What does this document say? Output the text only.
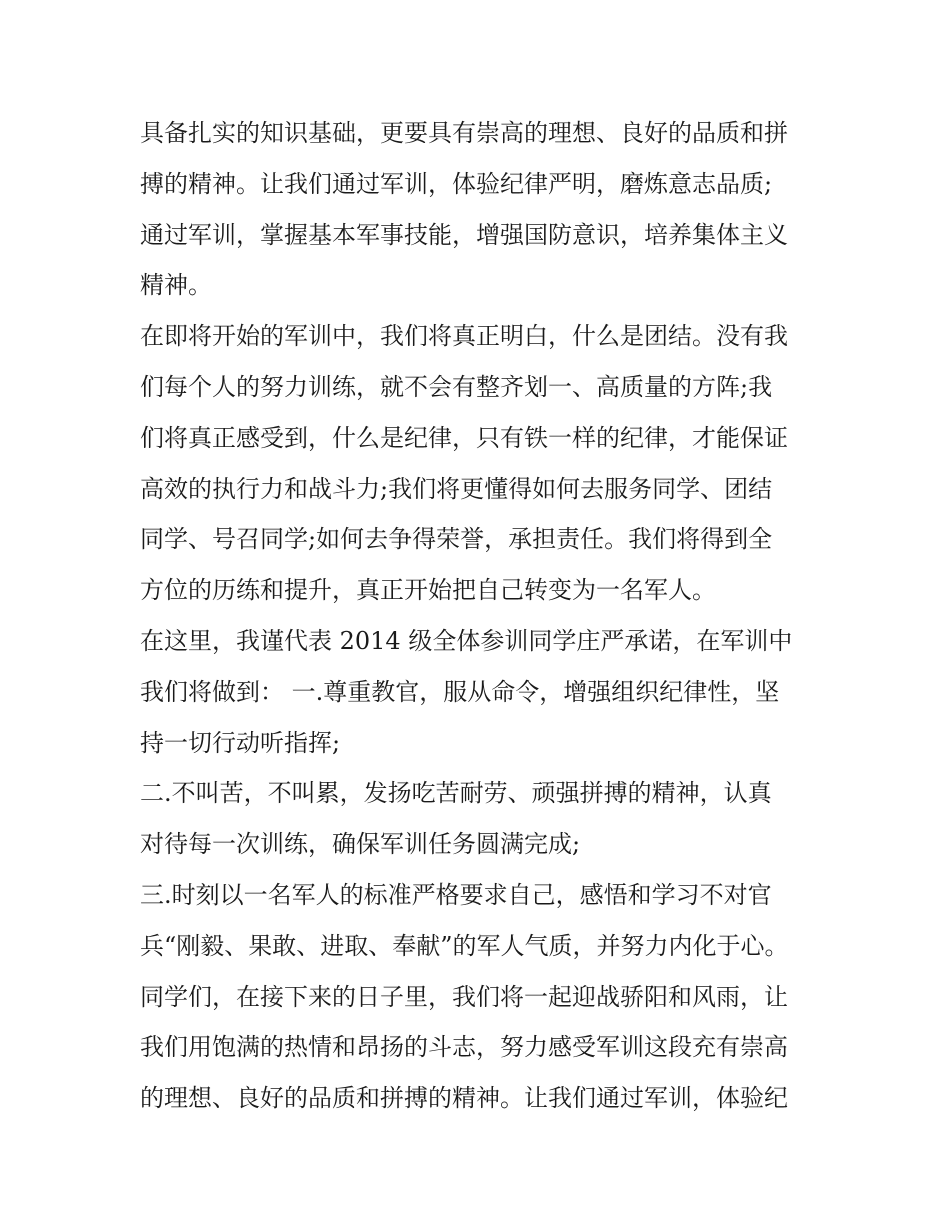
具备扎实的知识基础，更要具有崇高的理想、良好的品质和拼
搏的精神。让我们通过军训，体验纪律严明，磨炼意志品质;
通过军训，掌握基本军事技能，增强国防意识，培养集体主义
精神。
在即将开始的军训中，我们将真正明白，什么是团结。没有我
们每个人的努力训练，就不会有整齐划一、高质量的方阵;我
们将真正感受到，什么是纪律，只有铁一样的纪律，才能保证
高效的执行力和战斗力;我们将更懂得如何去服务同学、团结
同学、号召同学;如何去争得荣誉，承担责任。我们将得到全
方位的历练和提升，真正开始把自己转变为一名军人。
在这里，我谨代表 2014 级全体参训同学庄严承诺，在军训中
我们将做到： 一.尊重教官，服从命令，增强组织纪律性，坚
持一切行动听指挥;
二.不叫苦，不叫累，发扬吃苦耐劳、顽强拼搏的精神，认真
对待每一次训练，确保军训任务圆满完成;
三.时刻以一名军人的标准严格要求自己，感悟和学习不对官
兵“刚毅、果敢、进取、奉献”的军人气质，并努力内化于心。
同学们，在接下来的日子里，我们将一起迎战骄阳和风雨，让
我们用饱满的热情和昂扬的斗志，努力感受军训这段充有崇高
的理想、良好的品质和拼搏的精神。让我们通过军训，体验纪
